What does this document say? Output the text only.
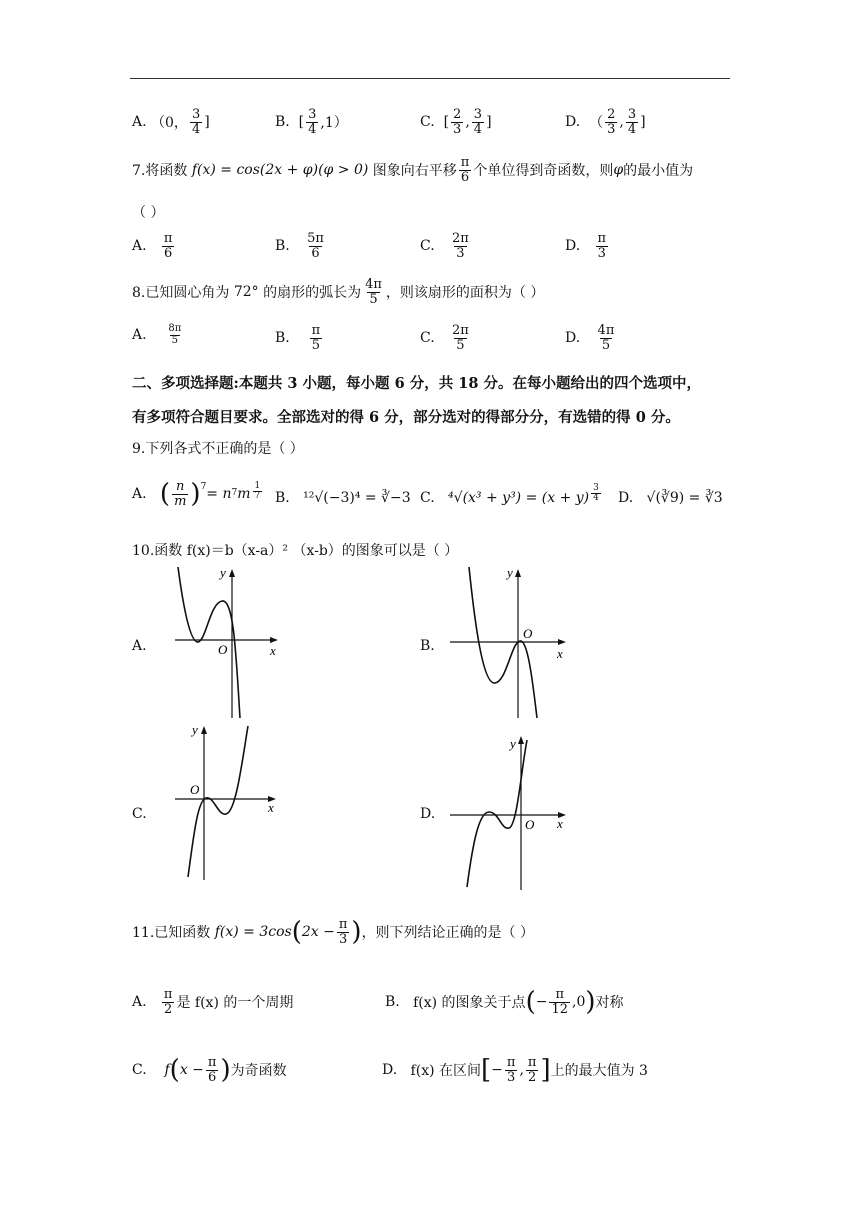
A.
（0， $\frac{3}{4}$ ]	B.
[ $\frac{3}{4} ,1$）	C.
[ $\frac{2}{3}$ , $\frac{3}{4}$ ]	D.
（ $\frac{2}{3}$ , $\frac{3}{4}$ ]
7.将函数
f (x) = cos(2x + φ)(φ > 0)
图象向右平移 $\frac{\pi}{6}$ 个单位得到奇函数，则 φ 的最小值为
（ ）
A.
$\frac{\pi}{6}$	B.
$\frac{5\pi}{6}$	C.
$\frac{2\pi}{3}$	D.
$\frac{\pi}{3}$
8.已知圆心角为
72°
的扇形的弧长为 $\frac{4\pi}{5}$ ，则该扇形的面积为（ ）
A.
$\frac{8\pi}{5}$	B.
$\frac{\pi}{5}$	C.
$\frac{2\pi}{5}$	D.
$\frac{4\pi}{5}$
二、多项选择题:本题共 3 小题，每小题 6 分，共 18 分。在每小题给出的四个选项中，
有多项符合题目要求。全部选对的得 6 分，部分选对的得部分分，有选错的得 0 分。
9.下列各式不正确的是（ ）
A.
( $\frac{n}{m} )^7 = n$ 7 m $\frac{1}{7} B$.
¹²√(−3)⁴ = ∛−3 C.
$^4√(x^3 + y^3) = (x + y) \frac{3}{4} D$.
√(∛9) = ∛3
10.函数 f(x)＝b（x-a）² （x-b）的图象可以是（ ）
A.	O	x
y
B.
O
x
y
C.
O
x
y
D.
O x
y
11.已知函数
f(x) = 3cos ( $2x - \frac{\pi}{3}$ ) ，则下列结论正确的是（ ）
A.
$\frac{\pi}{2}$ 是 f(x) 的一个周期	B.
f(x) 的图象关于点 ( − $\frac{\pi}{12} ,0$ ) 对称
C.
f ( $x - \frac{\pi}{6}$ ) 为奇函数	D.
f(x) 在区间 [ − $\frac{\pi}{3}$ , $\frac{\pi}{2}$ ] 上的最大值为 3
